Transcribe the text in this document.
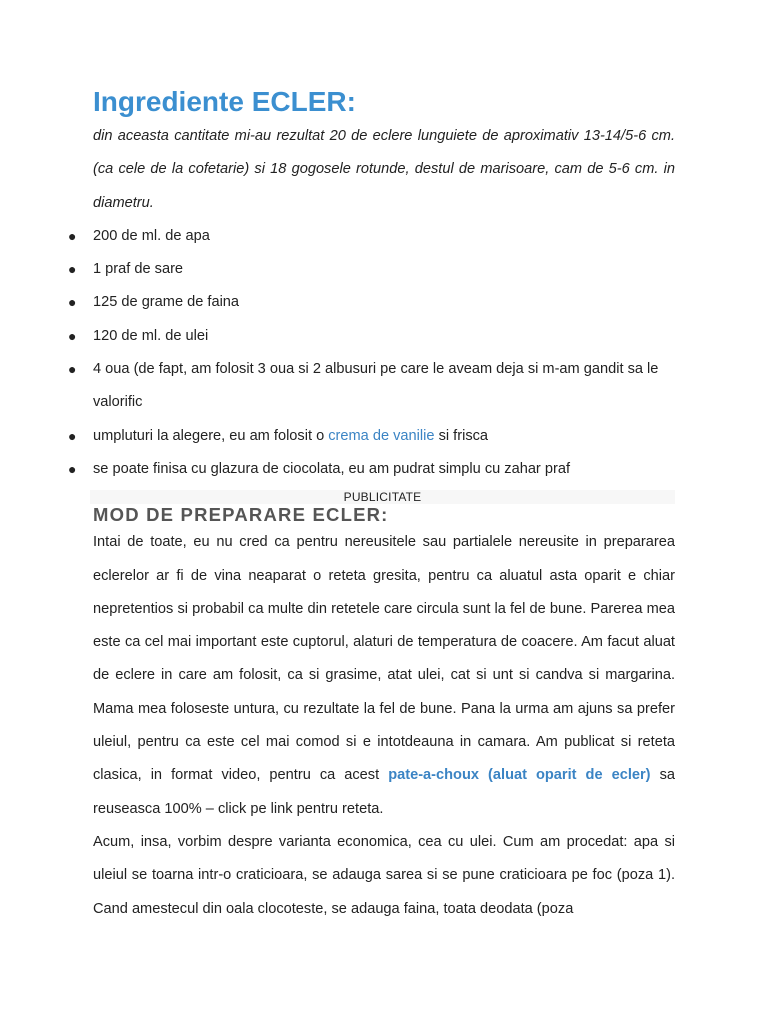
Ingrediente ECLER:

din aceasta cantitate mi-au rezultat 20 de eclere lunguiete de aproximativ 13-14/5-6 cm. (ca cele de la cofetarie) si 18 gogosele rotunde, destul de marisoare, cam de 5-6 cm. in diametru.

● 200 de ml. de apa
● 1 praf de sare
● 125 de grame de faina
● 120 de ml. de ulei
● 4 oua (de fapt, am folosit 3 oua si 2 albusuri pe care le aveam deja si m-am gandit sa le valorific
● umpluturi la alegere, eu am folosit o crema de vanilie si frisca
● se poate finisa cu glazura de ciocolata, eu am pudrat simplu cu zahar praf
PUBLICITATE
MOD DE PREPARARE ECLER:

Intai de toate, eu nu cred ca pentru nereusitele sau partialele nereusite in prepararea eclerelor ar fi de vina neaparat o reteta gresita, pentru ca aluatul asta oparit e chiar nepretentios si probabil ca multe din retetele care circula sunt la fel de bune. Parerea mea este ca cel mai important este cuptorul, alaturi de temperatura de coacere. Am facut aluat de eclere in care am folosit, ca si grasime, atat ulei, cat si unt si candva si margarina. Mama mea foloseste untura, cu rezultate la fel de bune. Pana la urma am ajuns sa prefer uleiul, pentru ca este cel mai comod si e intotdeauna in camara. Am publicat si reteta clasica, in format video, pentru ca acest pate-a-choux (aluat oparit de ecler) sa reuseasca 100% – click pe link pentru reteta.

Acum, insa, vorbim despre varianta economica, cea cu ulei. Cum am procedat: apa si uleiul se toarna intr-o craticioara, se adauga sarea si se pune craticioara pe foc (poza 1). Cand amestecul din oala clocoteste, se adauga faina, toata deodata (poza
